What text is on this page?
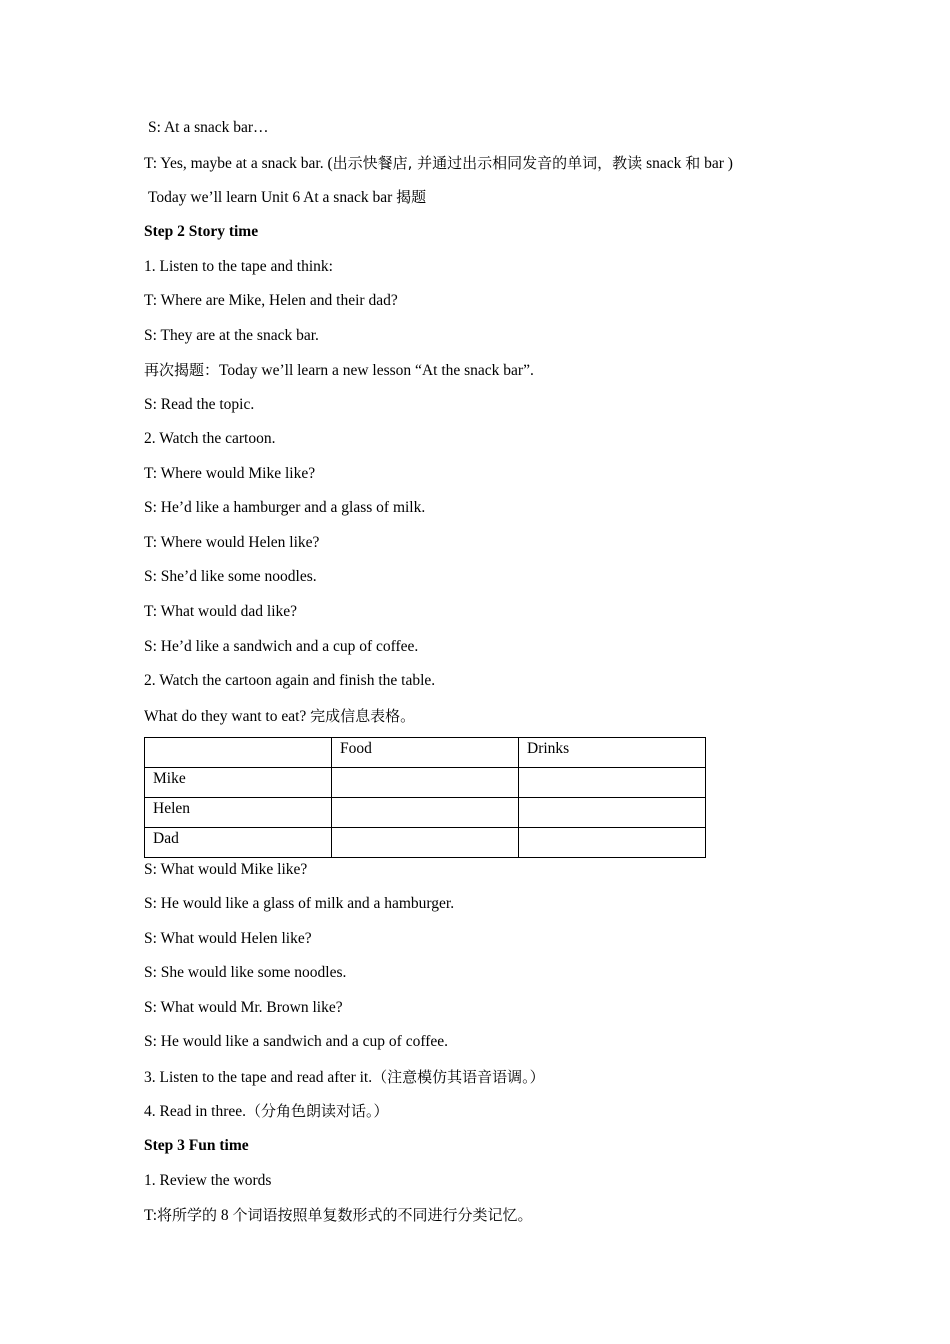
S: At a snack bar…
T: Yes, maybe at a snack bar. (出示快餐店, 并通过出示相同发音的单词，教读 snack 和 bar )
Today we’ll learn Unit 6 At a snack bar 揭题
Step 2 Story time
1. Listen to the tape and think:
T: Where are Mike, Helen and their dad?
S: They are at the snack bar.
再次揭题：Today we’ll learn a new lesson “At the snack bar”.
S: Read the topic.
2. Watch the cartoon.
T: Where would Mike like?
S: He’d like a hamburger and a glass of milk.
T: Where would Helen like?
S: She’d like some noodles.
T: What would dad like?
S: He’d like a sandwich and a cup of coffee.
2. Watch the cartoon again and finish the table.
What do they want to eat? 完成信息表格。
	Food	Drinks
Mike		
Helen		
Dad		
S: What would Mike like?
S: He would like a glass of milk and a hamburger.
S: What would Helen like?
S: She would like some noodles.
S: What would Mr. Brown like?
S: He would like a sandwich and a cup of coffee.
3. Listen to the tape and read after it.（注意模仿其语音语调。）
4. Read in three.（分角色朗读对话。）
Step 3 Fun time
1. Review the words
T:将所学的 8 个词语按照单复数形式的不同进行分类记忆。
